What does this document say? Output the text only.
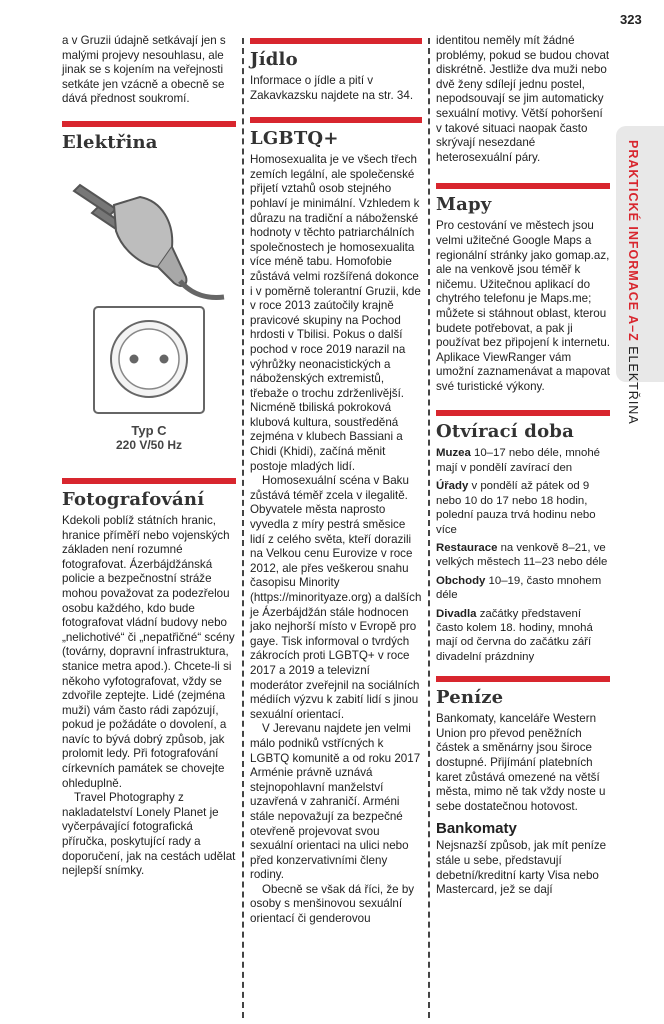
323
PRAKTICKÉ INFORMACE A–Z ELEKTŘINA

a v Gruzii údajně setkávají jen s malými projevy nesouhlasu, ale jinak se s kojením na veřejnosti setkáte jen vzácně a obecně se dává přednost soukromí.

Elektřina
Typ C
220 V/50 Hz
Fotografování

Kdekoli poblíž státních hranic, hranice příměří nebo vojenských základen není rozumné fotografovat. Ázerbájdžánská policie a bezpečnostní stráže mohou považovat za podezřelou osobu každého, kdo bude fotografovat vládní budovy nebo „nelichotivé“ či „nepatřičné“ scény (továrny, dopravní infrastruktura, stanice metra apod.). Chcete-li si někoho vyfotografovat, vždy se zdvořile zeptejte. Lidé (zejména muži) vám často rádi zapózují, pokud je požádáte o dovolení, a navíc to bývá dobrý způsob, jak prolomit ledy. Při fotografování církevních památek se chovejte ohleduplně.

Travel Photography z nakladatelství Lonely Planet je vyčerpávající fotografická příručka, poskytující rady a doporučení, jak na cestách udělat nejlepší snímky.

Jídlo

Informace o jídle a pití v Zakavkazsku najdete na str. 34.

LGBTQ+

Homosexualita je ve všech třech zemích legální, ale společenské přijetí vztahů osob stejného pohlaví je minimální. Vzhledem k důrazu na tradiční a náboženské hodnoty v těchto patriarchálních společnostech je homosexualita více méně tabu. Homofobie zůstává velmi rozšířená dokonce i v poměrně tolerantní Gruzii, kde v roce 2013 zaútočily krajně pravicové skupiny na Pochod hrdosti v Tbilisi. Pokus o další pochod v roce 2019 narazil na výhrůžky neonacistických a náboženských extremistů, třebaže o trochu zdrženlivější. Nicméně tbiliská pokroková klubová kultura, soustředěná zejména v klubech Bassiani a Chidi (Khidi), začíná měnit postoje mladých lidí.

Homosexuální scéna v Baku zůstává téměř zcela v ilegalitě. Obyvatele města naprosto vyvedla z míry pestrá směsice lidí z celého světa, kteří dorazili na Velkou cenu Eurovize v roce 2012, ale přes veškerou snahu časopisu Minority (https://minorityaze.org) a dalších je Ázerbájdžán stále hodnocen jako nejhorší místo v Evropě pro gaye. Tisk informoval o tvrdých zákrocích proti LGBTQ+ v roce 2017 a 2019 a televizní moderátor zveřejnil na sociálních médiích výzvu k zabití lidí s jinou sexuální orientací.

V Jerevanu najdete jen velmi málo podniků vstřícných k LGBTQ komunitě a od roku 2017 Arménie právně uznává stejnopohlavní manželství uzavřená v zahraničí. Arméni stále nepovažují za bezpečné otevřeně projevovat svou sexuální orientaci na ulici nebo před konzervativními členy rodiny.

Obecně se však dá říci, že by osoby s menšinovou sexuální orientací či genderovou

identitou neměly mít žádné problémy, pokud se budou chovat diskrétně. Jestliže dva muži nebo dvě ženy sdílejí jednu postel, nepodsouvají se jim automaticky sexuální motivy. Větší pohoršení v takové situaci naopak často skrývají nesezdané heterosexuální páry.

Mapy

Pro cestování ve městech jsou velmi užitečné Google Maps a regionální stránky jako gomap.az, ale na venkově jsou téměř k ničemu. Užitečnou aplikací do chytrého telefonu je Maps.me; můžete si stáhnout oblast, kterou budete potřebovat, a pak ji používat bez připojení k internetu. Aplikace ViewRanger vám umožní zaznamenávat a mapovat své turistické výkony.

Otvírací doba

Muzea 10–17 nebo déle, mnohé mají v pondělí zavírací den

Úřady v pondělí až pátek od 9 nebo 10 do 17 nebo 18 hodin, polední pauza trvá hodinu nebo více

Restaurace na venkově 8–21, ve velkých městech 11–23 nebo déle

Obchody 10–19, často mnohem déle

Divadla začátky představení často kolem 18. hodiny, mnohá mají od června do začátku září divadelní prázdniny

Peníze

Bankomaty, kanceláře Western Union pro převod peněžních částek a směnárny jsou široce dostupné. Přijímání platebních karet zůstává omezené na větší města, mimo ně tak vždy noste u sebe dostatečnou hotovost.

Bankomaty

Nejsnazší způsob, jak mít peníze stále u sebe, představují debetní/kreditní karty Visa nebo Mastercard, jež se dají
